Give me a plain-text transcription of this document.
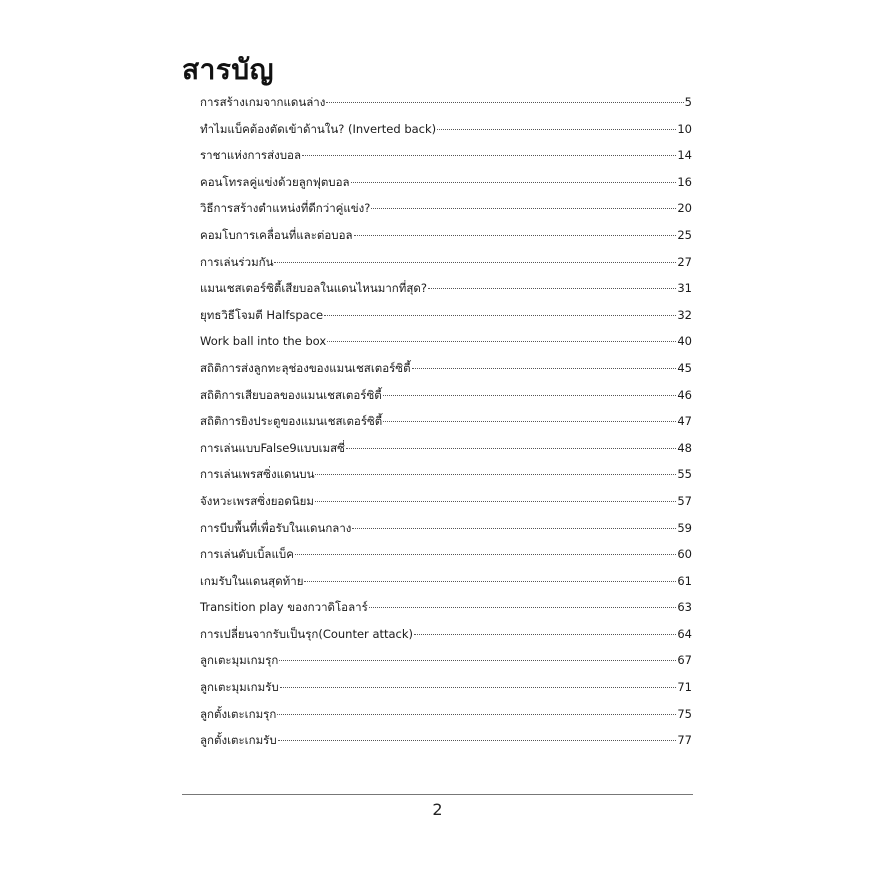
สารบัญ
การสร้างเกมจากแดนล่าง	5
ทำไมแบ็คต้องตัดเข้าด้านใน? (Inverted back)	10
ราชาแห่งการส่งบอล	14
คอนโทรลคู่แข่งด้วยลูกฟุตบอล	16
วิธีการสร้างตำแหน่งที่ดีกว่าคู่แข่ง?	20
คอมโบการเคลื่อนที่และต่อบอล	25
การเล่นร่วมกัน	27
แมนเชสเตอร์ซิตี้เสียบอลในแดนไหนมากที่สุด?	31
ยุทธวิธีโจมตี Halfspace	32
Work ball into the box	40
สถิติการส่งลูกทะลุช่องของแมนเชสเตอร์ซิตี้	45
สถิติการเสียบอลของแมนเชสเตอร์ซิตี้	46
สถิติการยิงประตูของแมนเชสเตอร์ซิตี้	47
การเล่นแบบFalse9แบบเมสซี่	48
การเล่นเพรสซิ่งแดนบน	55
จังหวะเพรสซิ่งยอดนิยม	57
การบีบพื้นที่เพื่อรับในแดนกลาง	59
การเล่นดับเบิ้ลแบ็ค	60
เกมรับในแดนสุดท้าย	61
Transition play ของกวาดิโอลาร์	63
การเปลี่ยนจากรับเป็นรุก(Counter attack)	64
ลูกเตะมุมเกมรุก	67
ลูกเตะมุมเกมรับ	71
ลูกตั้งเตะเกมรุก	75
ลูกตั้งเตะเกมรับ	77
2
